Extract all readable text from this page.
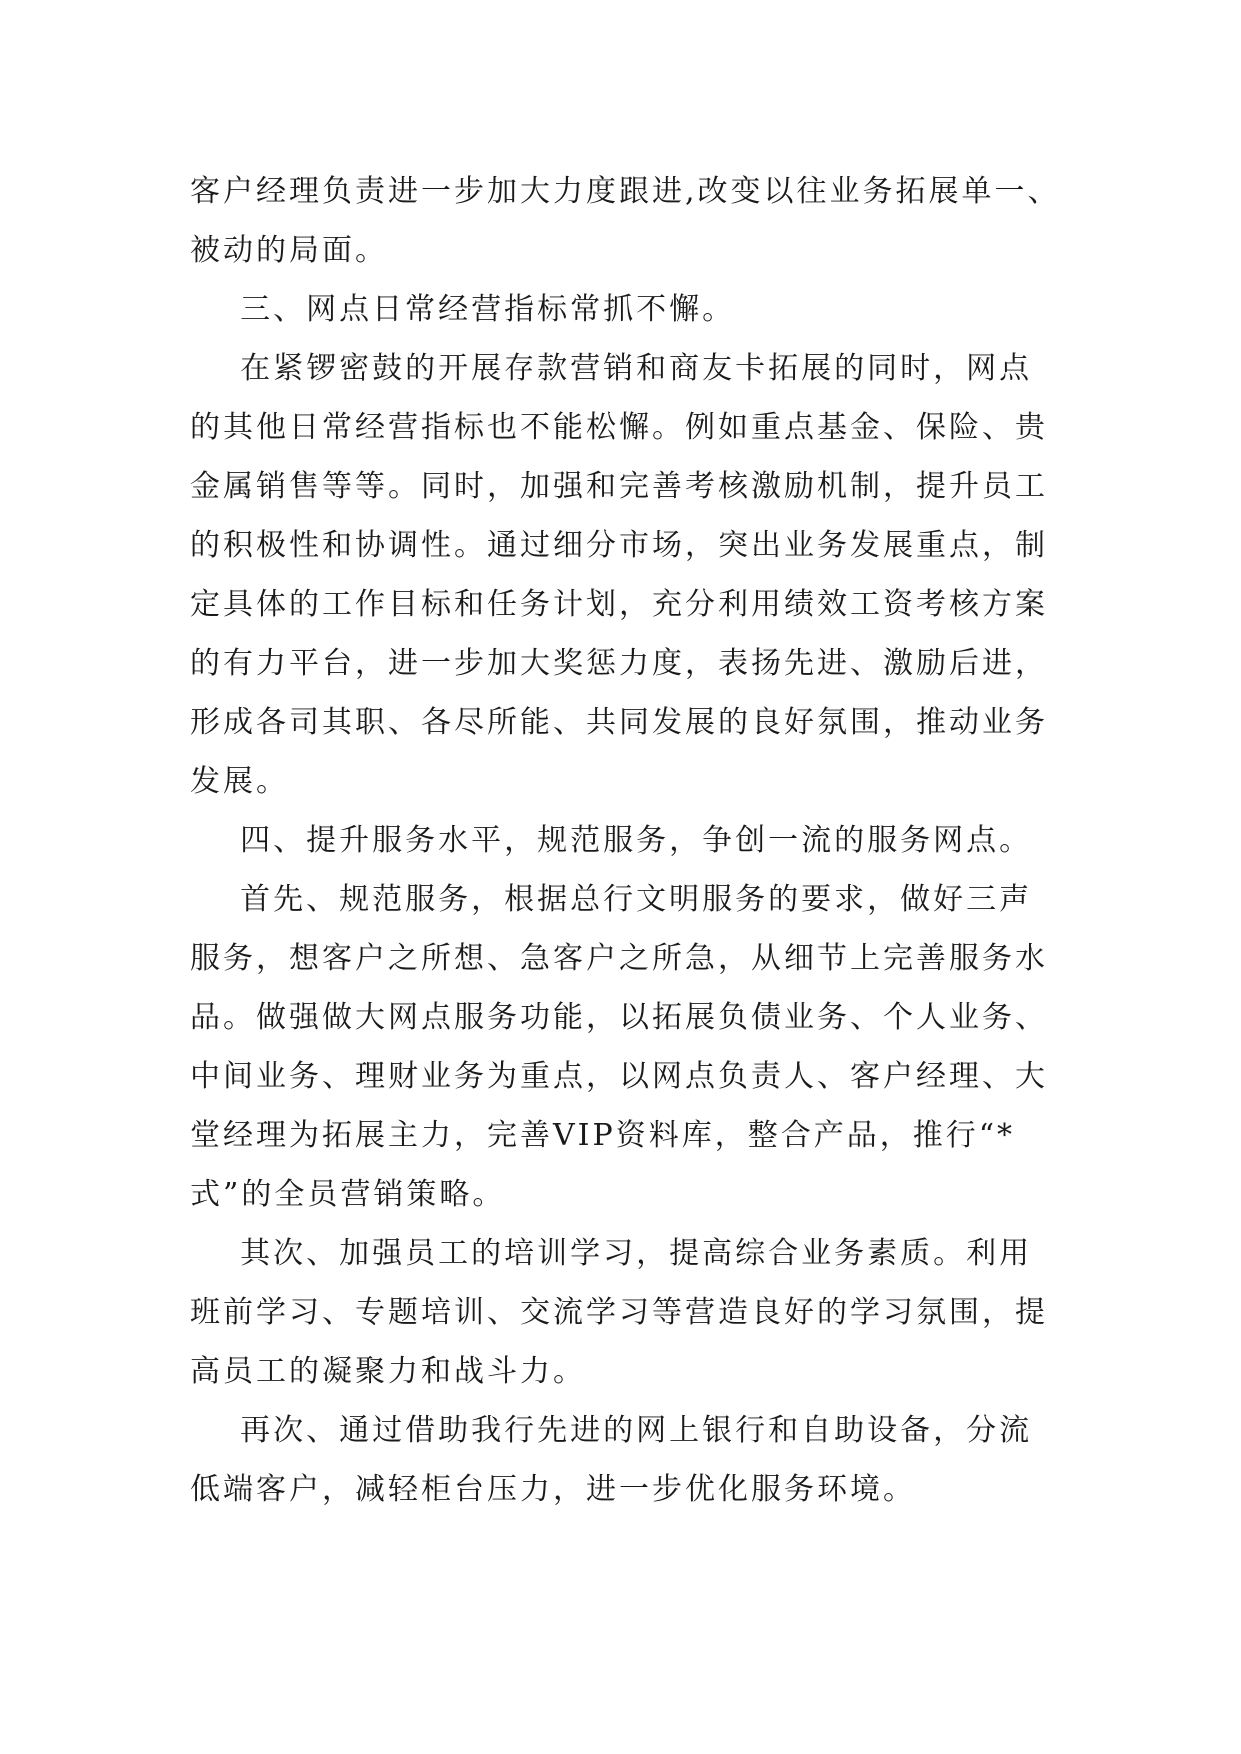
客户经理负责进一步加大力度跟进,改变以往业务拓展单一、

被动的局面。

三、网点日常经营指标常抓不懈。

在紧锣密鼓的开展存款营销和商友卡拓展的同时，网点

的其他日常经营指标也不能松懈。例如重点基金、保险、贵

金属销售等等。同时，加强和完善考核激励机制，提升员工

的积极性和协调性。通过细分市场，突出业务发展重点，制

定具体的工作目标和任务计划，充分利用绩效工资考核方案

的有力平台，进一步加大奖惩力度，表扬先进、激励后进，

形成各司其职、各尽所能、共同发展的良好氛围，推动业务

发展。

四、提升服务水平，规范服务，争创一流的服务网点。

首先、规范服务，根据总行文明服务的要求，做好三声

服务，想客户之所想、急客户之所急，从细节上完善服务水

品。做强做大网点服务功能，以拓展负债业务、个人业务、

中间业务、理财业务为重点，以网点负责人、客户经理、大

堂经理为拓展主力，完善VIP资料库，整合产品，推行“*

式”的全员营销策略。

其次、加强员工的培训学习，提高综合业务素质。利用

班前学习、专题培训、交流学习等营造良好的学习氛围，提

高员工的凝聚力和战斗力。

再次、通过借助我行先进的网上银行和自助设备，分流

低端客户，减轻柜台压力，进一步优化服务环境。
